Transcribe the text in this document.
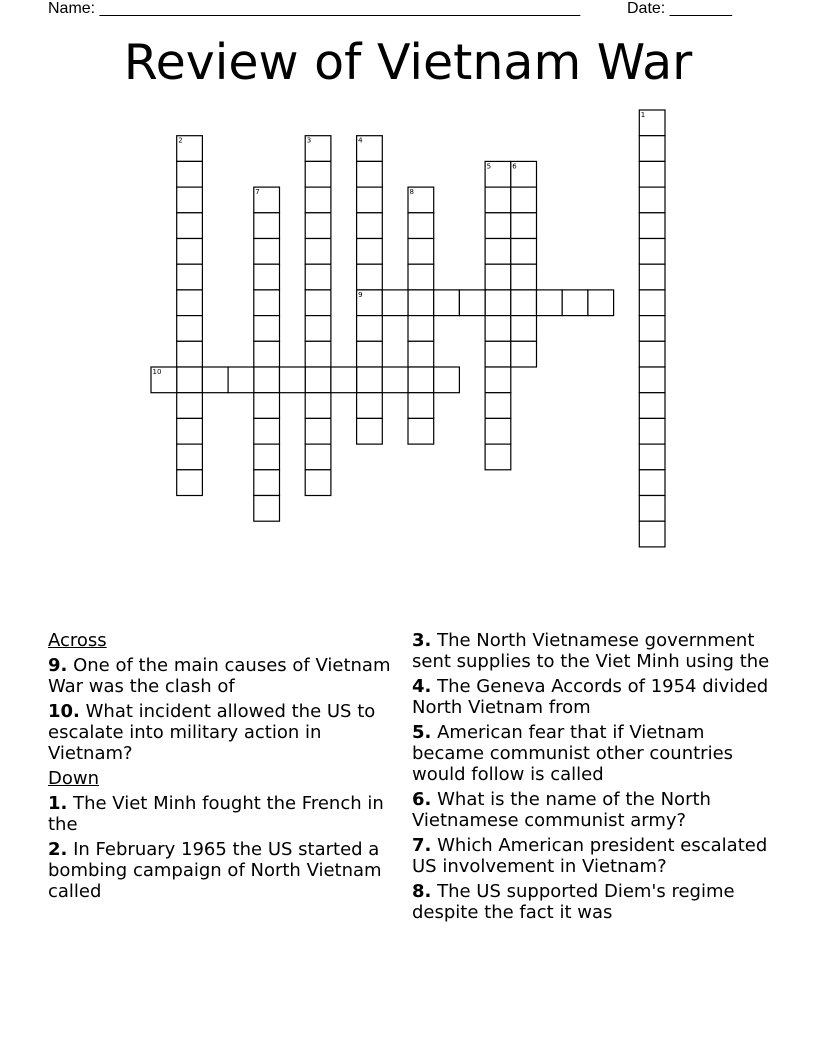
Name: ______________________________________________________	Date: _______
Review of Vietnam War
1
2	3	4
5	6
7	8
9
10
Across
9. One of the main causes of Vietnam War was the clash of
10. What incident allowed the US to escalate into military action in Vietnam?
Down
1. The Viet Minh fought the French in the
2. In February 1965 the US started a bombing campaign of North Vietnam called
3. The North Vietnamese government sent supplies to the Viet Minh using the
4. The Geneva Accords of 1954 divided North Vietnam from
5. American fear that if Vietnam became communist other countries would follow is called
6. What is the name of the North Vietnamese communist army?
7. Which American president escalated US involvement in Vietnam?
8. The US supported Diem's regime despite the fact it was
